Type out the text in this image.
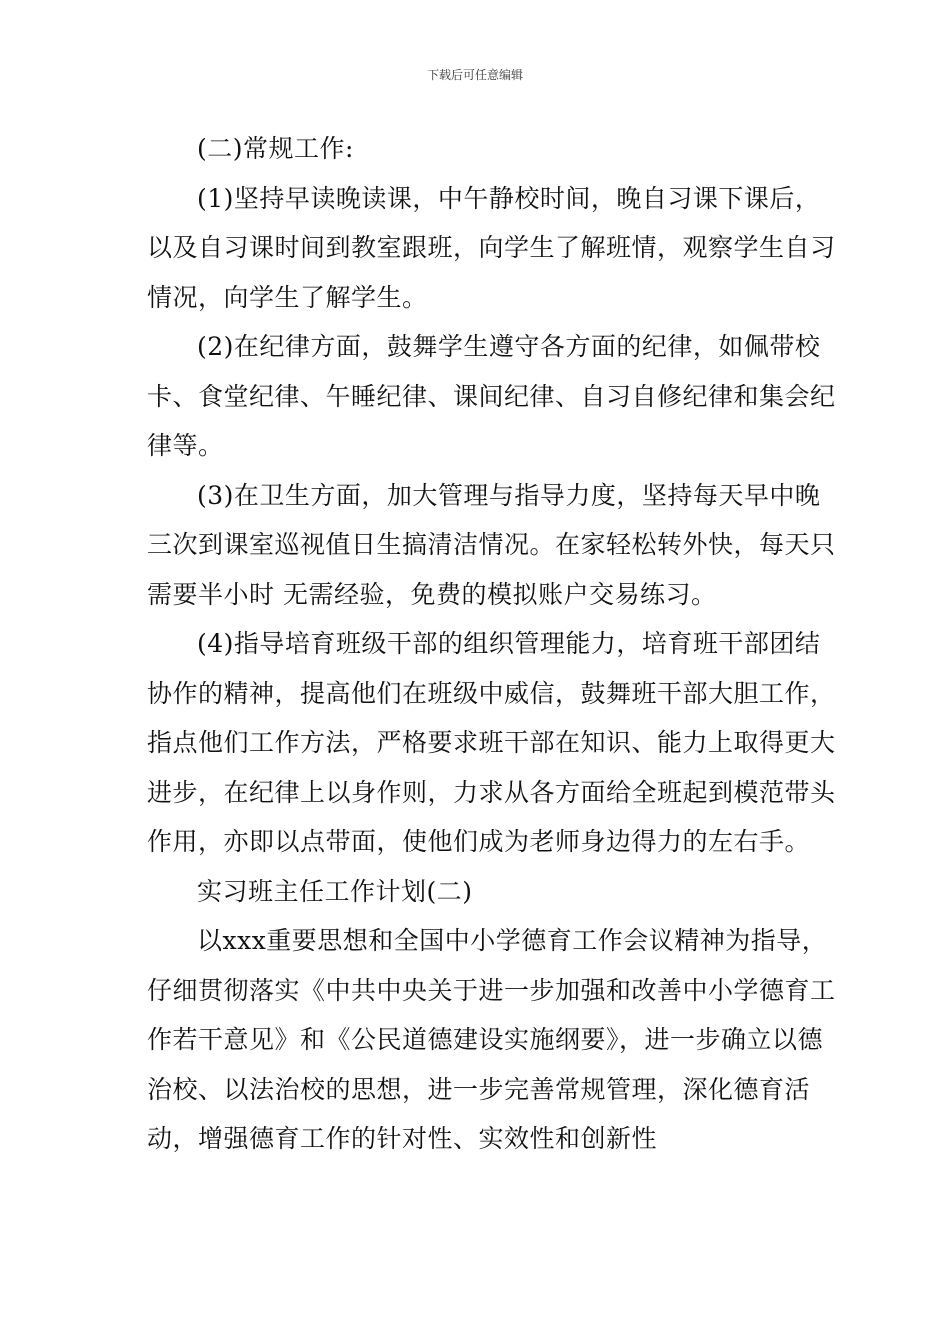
下载后可任意编辑

(二)常规工作:

(1)坚持早读晚读课，中午静校时间，晚自习课下课后，以及自习课时间到教室跟班，向学生了解班情，观察学生自习情况，向学生了解学生。

(2)在纪律方面，鼓舞学生遵守各方面的纪律，如佩带校卡、食堂纪律、午睡纪律、课间纪律、自习自修纪律和集会纪律等。

(3)在卫生方面，加大管理与指导力度，坚持每天早中晚三次到课室巡视值日生搞清洁情况。在家轻松转外快，每天只需要半小时 无需经验，免费的模拟账户交易练习。

(4)指导培育班级干部的组织管理能力，培育班干部团结协作的精神，提高他们在班级中威信，鼓舞班干部大胆工作，指点他们工作方法，严格要求班干部在知识、能力上取得更大进步，在纪律上以身作则，力求从各方面给全班起到模范带头作用，亦即以点带面，使他们成为老师身边得力的左右手。

实习班主任工作计划(二)

以xxx重要思想和全国中小学德育工作会议精神为指导，仔细贯彻落实《中共中央关于进一步加强和改善中小学德育工作若干意见》和《公民道德建设实施纲要》，进一步确立以德治校、以法治校的思想，进一步完善常规管理，深化德育活动，增强德育工作的针对性、实效性和创新性
